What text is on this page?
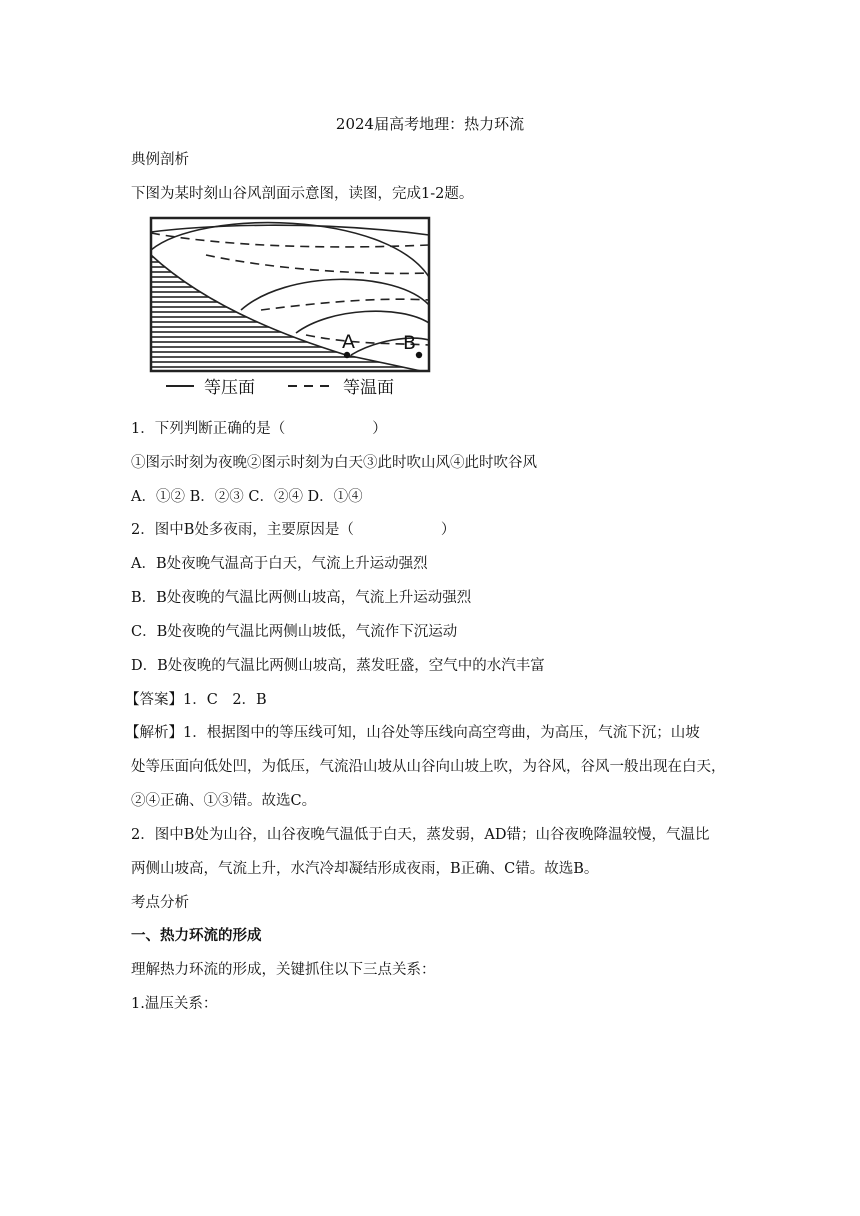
2024届高考地理：热力环流
典例剖析
下图为某时刻山谷风剖面示意图，读图，完成1-2题。
A	B
等压面	等温面
1．下列判断正确的是（　　　　　　）
①图示时刻为夜晚②图示时刻为白天③此时吹山风④此时吹谷风
A．①② B．②③ C．②④ D．①④
2．图中B处多夜雨，主要原因是（　　　　　　）
A．B处夜晚气温高于白天，气流上升运动强烈
B．B处夜晚的气温比两侧山坡高，气流上升运动强烈
C．B处夜晚的气温比两侧山坡低，气流作下沉运动
D．B处夜晚的气温比两侧山坡高，蒸发旺盛，空气中的水汽丰富
【答案】1．C　2．B
【解析】1．根据图中的等压线可知，山谷处等压线向高空弯曲，为高压，气流下沉；山坡
处等压面向低处凹，为低压，气流沿山坡从山谷向山坡上吹，为谷风，谷风一般出现在白天，
②④正确、①③错。故选C。
2．图中B处为山谷，山谷夜晚气温低于白天，蒸发弱，AD错；山谷夜晚降温较慢，气温比
两侧山坡高，气流上升，水汽冷却凝结形成夜雨，B正确、C错。故选B。
考点分析
一、热力环流的形成
理解热力环流的形成，关键抓住以下三点关系：
1.温压关系：
